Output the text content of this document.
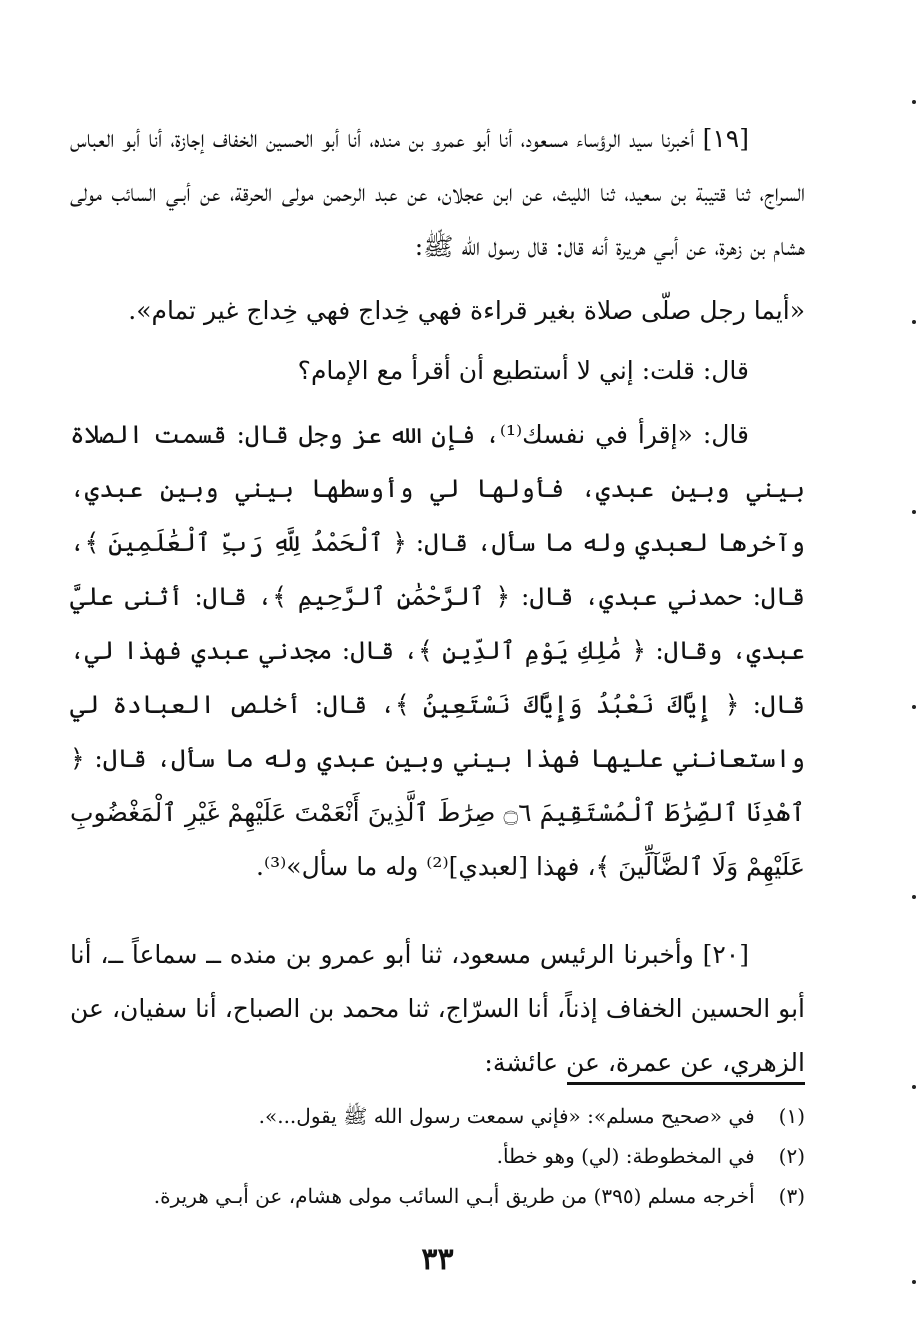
[١٩] أخبرنا سيد الرؤساء مسعود، أنا أبو عمرو بن منده، أنا أبو الحسين الخفاف إجازة، أنا أبو العباس السراج، ثنا قتيبة بن سعيد، ثنا الليث، عن ابن عجلان، عن عبد الرحمن مولى الحرقة، عن أبـي السائب مولى هشام بن زهرة، عن أبـي هريرة أنه قال: قال رسول الله ﷺ:

«أيما رجل صلّى صلاة بغير قراءة فهي خِداج فهي خِداج غير تمام».

قال: قلت: إني لا أستطيع أن أقرأ مع الإمام؟

قال: «إقرأ في نفسك⁽¹⁾، فإن الله عز وجل قال: قسمت الصلاة بيني وبين عبدي، فأولها لي وأوسطها بيني وبين عبدي، وآخرها لعبدي وله ما سأل، قال: ﴿ ٱلْحَمْدُ لِلَّهِ رَبِّ ٱلْعَٰلَمِينَ ﴾، قال: حمدني عبدي، قال: ﴿ ٱلرَّحْمَٰنِ ٱلرَّحِيمِ ﴾، قال: أثنى عليَّ عبدي، وقال: ﴿ مَٰلِكِ يَوْمِ ٱلدِّينِ ﴾، قال: مجدني عبدي فهذا لي، قال: ﴿ إِيَّاكَ نَعْبُدُ وَإِيَّاكَ نَسْتَعِينُ ﴾، قال: أخلص العبادة لي واستعانني عليها فهذا بيني وبين عبدي وله ما سأل، قال: ﴿ ٱهْدِنَا ٱلصِّرَٰطَ ٱلْمُسْتَقِيمَ ۝٦ صِرَٰطَ ٱلَّذِينَ أَنْعَمْتَ عَلَيْهِمْ غَيْرِ ٱلْمَغْضُوبِ عَلَيْهِمْ وَلَا ٱلضَّآلِّينَ ﴾، فهذا [لعبدي]⁽²⁾ وله ما سأل»⁽³⁾.

[٢٠] وأخبرنا الرئيس مسعود، ثنا أبو عمرو بن منده ــ سماعاً ــ، أنا أبو الحسين الخفاف إذناً، أنا السرّاج، ثنا محمد بن الصباح، أنا سفيان، عن الزهري، عن عمرة، عن عائشة:

(١) في «صحيح مسلم»: «فإني سمعت رسول الله ﷺ يقول...».

(٢) في المخطوطة: (لي) وهو خطأ.

(٣) أخرجه مسلم (٣٩٥) من طريق أبـي السائب مولى هشام، عن أبـي هريرة.

٣٣
